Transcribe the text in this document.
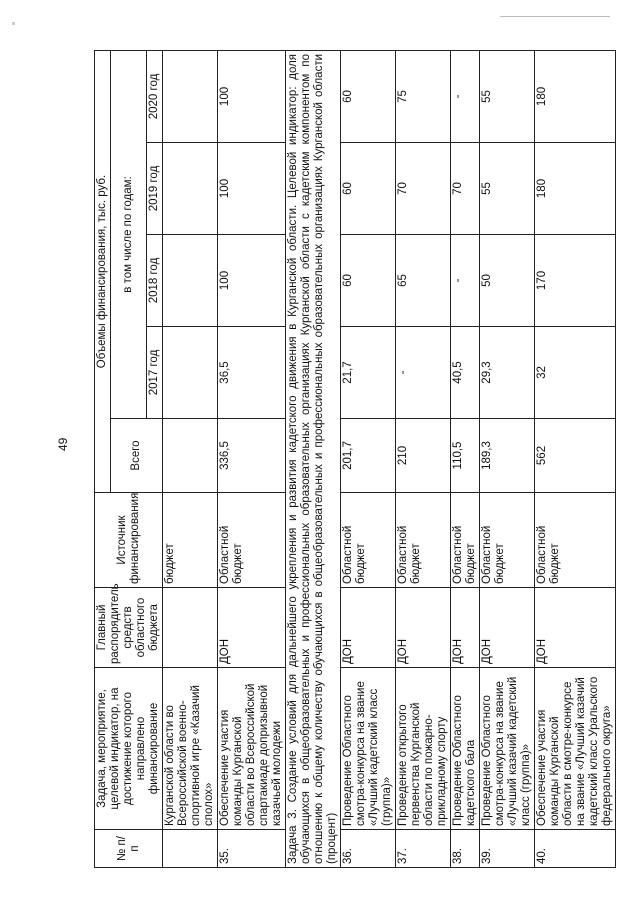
49
№ п/п	Задача, мероприятие, целевой индикатор, на достижение которого направлено финансирование	Главный распорядитель средств областного бюджета	Источник финансирования	Объемы финансирования, тыс. руб.				
				Всего	в том числе по годам:			
					2017 год	2018 год	2019 год	2020 год
	Курганской области во Всероссийской военно-спортивной игре «Казачий сполох»		бюджет					
35.	Обеспечение участия команды Курганской области во Всероссийской спартакиаде допризывной казачьей молодежи	ДОН	Областной бюджет	336,5	36,5	100	100	100
Задача 3. Создание условий для дальнейшего укрепления и развития кадетского движения в Курганской области. Целевой индикатор: доля обучающихся в общеобразовательных и профессиональных образовательных организациях Курганской области с кадетским компонентом по отношению к общему количеству обучающихся в общеобразовательных и профессиональных образовательных организациях Курганской области (процент)								
36.	Проведение Областного смотра-конкурса на звание «Лучший кадетский класс (группа)»	ДОН	Областной бюджет	201,7	21,7	60	60	60
37.	Проведение открытого первенства Курганской области по пожарно-прикладному спорту	ДОН	Областной бюджет	210	-	65	70	75
38.	Проведение Областного кадетского бала	ДОН	Областной бюджет	110,5	40,5	-	70	-
39.	Проведение Областного смотра-конкурса на звание «Лучший казачий кадетский класс (группа)»	ДОН	Областной бюджет	189,3	29,3	50	55	55
40.	Обеспечение участия команды Курганской области в смотре-конкурсе на звание «Лучший казачий кадетский класс Уральского федерального округа»	ДОН	Областной бюджет	562	32	170	180	180
